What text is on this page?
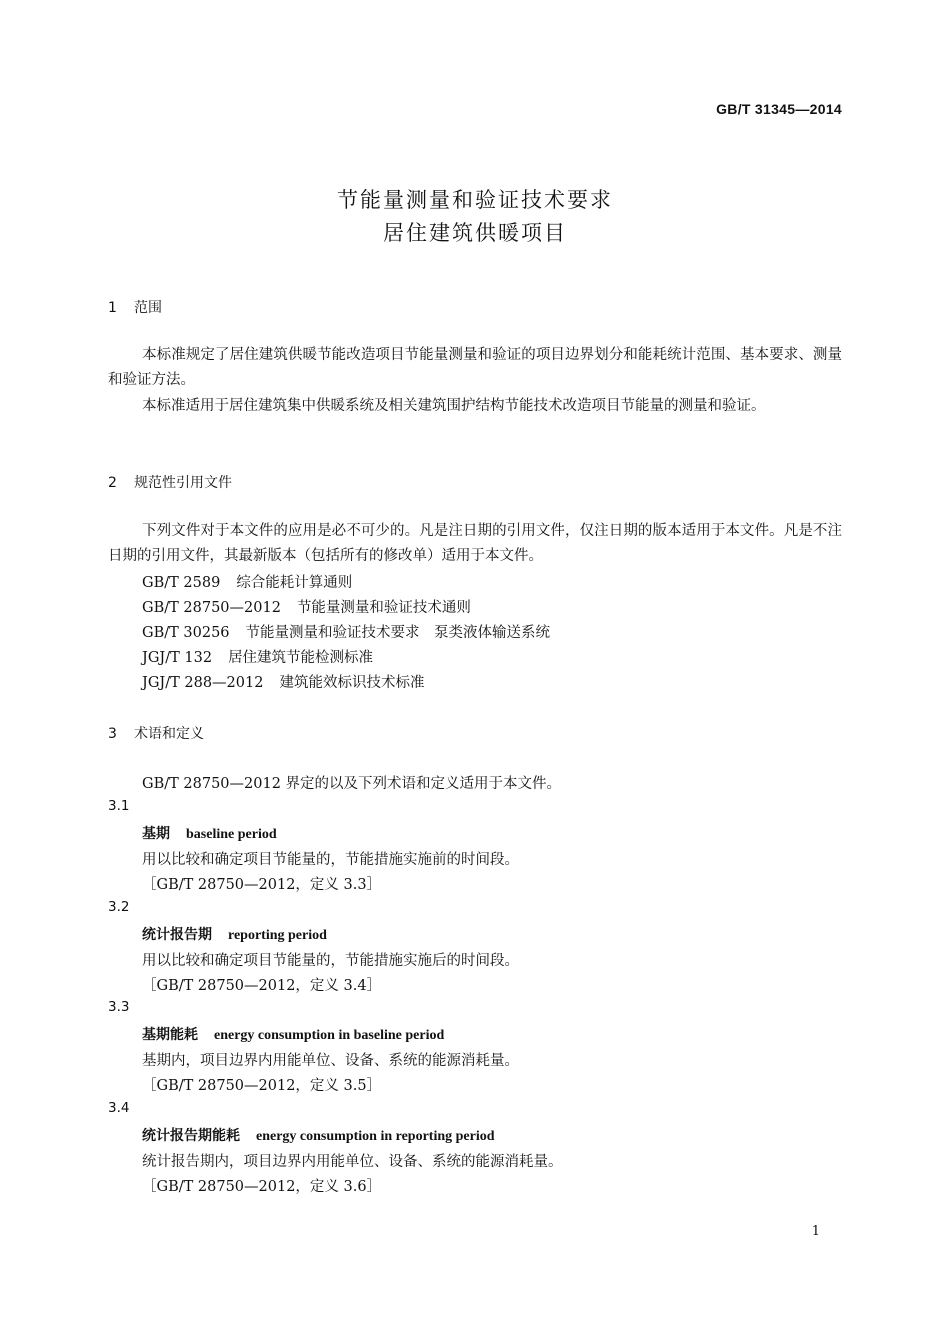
GB/T 31345—2014
节能量测量和验证技术要求
居住建筑供暖项目
1 范围
本标准规定了居住建筑供暖节能改造项目节能量测量和验证的项目边界划分和能耗统计范围、基本要求、测量和验证方法。
本标准适用于居住建筑集中供暖系统及相关建筑围护结构节能技术改造项目节能量的测量和验证。
2 规范性引用文件
下列文件对于本文件的应用是必不可少的。凡是注日期的引用文件，仅注日期的版本适用于本文件。凡是不注日期的引用文件，其最新版本（包括所有的修改单）适用于本文件。
GB/T 2589 综合能耗计算通则
GB/T 28750—2012 节能量测量和验证技术通则
GB/T 30256 节能量测量和验证技术要求　泵类液体输送系统
JGJ/T 132 居住建筑节能检测标准
JGJ/T 288—2012 建筑能效标识技术标准
3 术语和定义
GB/T 28750—2012 界定的以及下列术语和定义适用于本文件。
3.1
基期 baseline period
用以比较和确定项目节能量的，节能措施实施前的时间段。
［GB/T 28750—2012，定义 3.3］
3.2
统计报告期 reporting period
用以比较和确定项目节能量的，节能措施实施后的时间段。
［GB/T 28750—2012，定义 3.4］
3.3
基期能耗 energy consumption in baseline period
基期内，项目边界内用能单位、设备、系统的能源消耗量。
［GB/T 28750—2012，定义 3.5］
3.4
统计报告期能耗 energy consumption in reporting period
统计报告期内，项目边界内用能单位、设备、系统的能源消耗量。
［GB/T 28750—2012，定义 3.6］
1
